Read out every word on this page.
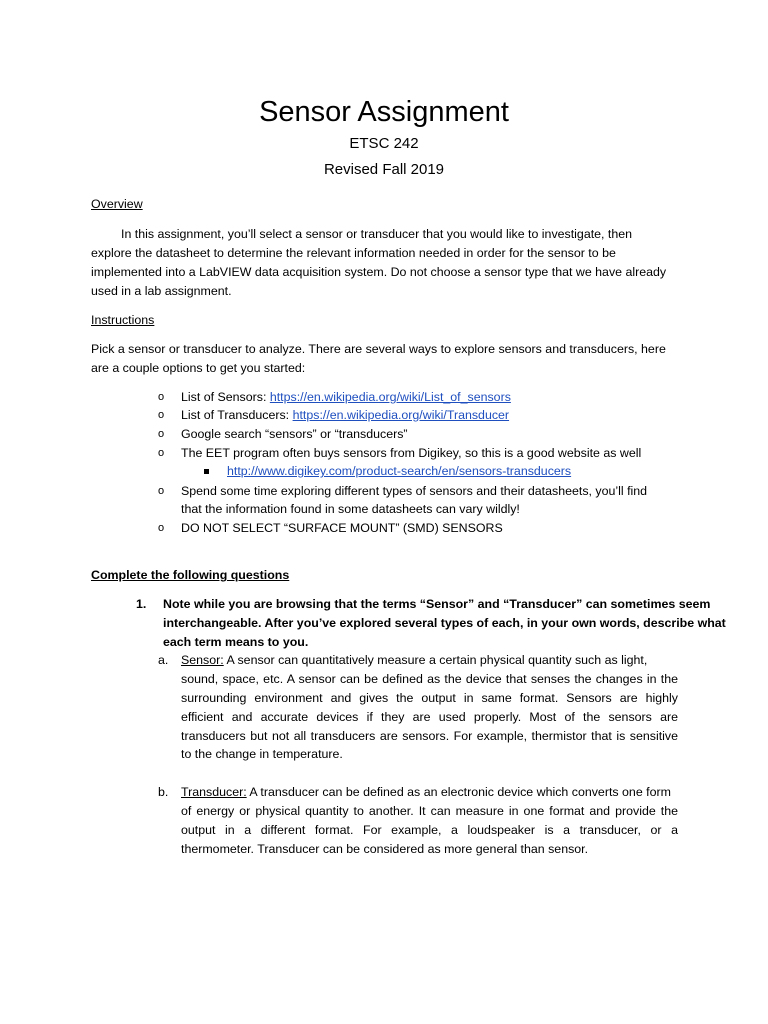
Sensor Assignment
ETSC 242
Revised Fall 2019
Overview
In this assignment, you’ll select a sensor or transducer that you would like to investigate, then
explore the datasheet to determine the relevant information needed in order for the sensor to be
implemented into a LabVIEW data acquisition system. Do not choose a sensor type that we have already
used in a lab assignment.
Instructions
Pick a sensor or transducer to analyze. There are several ways to explore sensors and transducers, here
are a couple options to get you started:
o List of Sensors: https://en.wikipedia.org/wiki/List_of_sensors
o List of Transducers: https://en.wikipedia.org/wiki/Transducer
o Google search “sensors” or “transducers”
o The EET program often buys sensors from Digikey, so this is a good website as well
http://www.digikey.com/product-search/en/sensors-transducers
o Spend some time exploring different types of sensors and their datasheets, you’ll find
that the information found in some datasheets can vary wildly!
o DO NOT SELECT “SURFACE MOUNT” (SMD) SENSORS
Complete the following questions
1. Note while you are browsing that the terms “Sensor” and “Transducer” can sometimes seem
interchangeable. After you’ve explored several types of each, in your own words, describe what
each term means to you.
a. Sensor: A sensor can quantitatively measure a certain physical quantity such as light,
sound, space, etc. A sensor can be defined as the device that senses the changes in the
surrounding environment and gives the output in same format. Sensors are highly
efficient and accurate devices if they are used properly. Most of the sensors are
transducers but not all transducers are sensors. For example, thermistor that is sensitive
to the change in temperature.
b. Transducer: A transducer can be defined as an electronic device which converts one form
of energy or physical quantity to another. It can measure in one format and provide the
output in a different format. For example, a loudspeaker is a transducer, or a
thermometer. Transducer can be considered as more general than sensor.
